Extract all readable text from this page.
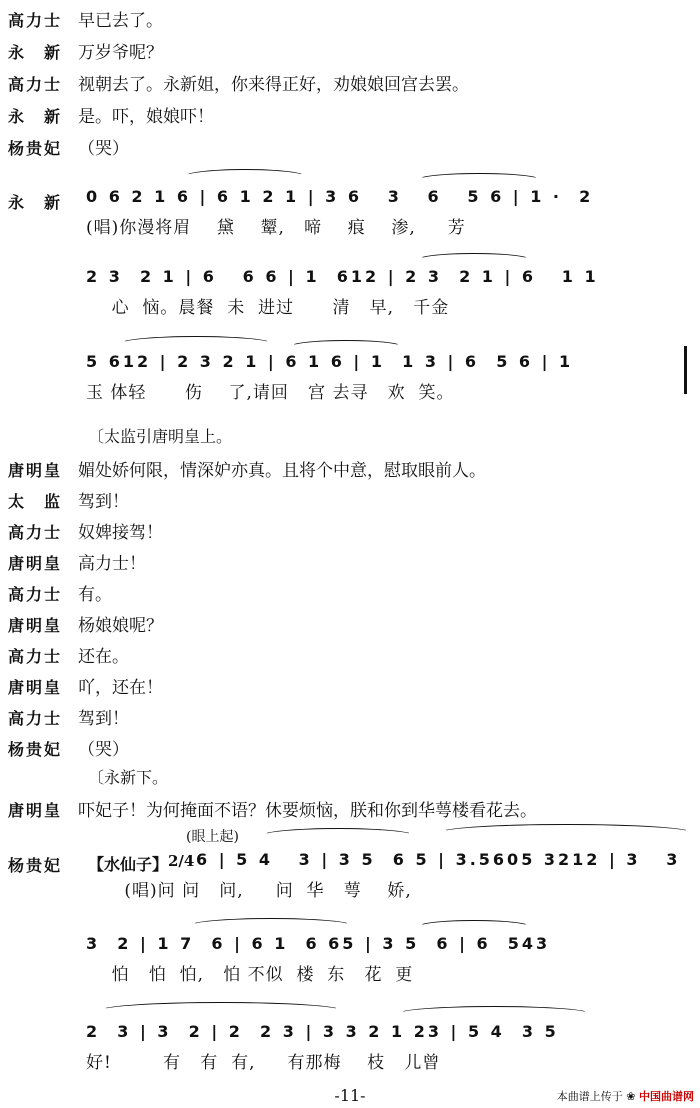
高力士 早已去了。
永　新 万岁爷呢？
高力士 视朝去了。永新姐，你来得正好，劝娘娘回宫去罢。
永　新 是。吓，娘娘吓！
杨贵妃 （哭）
永　新 0 6 2 1 6 | 6 1 2 1 | 3 6   3   6   5 6 | 1 ·  2
(唱)你漫将眉    黛    颦,   啼    痕    渗,     芳
2 3  2 1 | 6   6 6 | 1  612 | 2 3  2 1 | 6   1 1
心  恼。晨餐  未  进过      清   早,   千金
5 612 | 2 3 2 1 | 6 1 6 | 1  1 3 | 6  5 6 | 1
玉 体轻      伤    了,请回   宫 去寻   欢  笑。
〔太监引唐明皇上。
唐明皇 媚处娇何限，情深妒亦真。且将个中意，慰取眼前人。
太　监 驾到！
高力士 奴婢接驾！
唐明皇 高力士！
高力士 有。
唐明皇 杨娘娘呢？
高力士 还在。
唐明皇 吖，还在！
高力士 驾到！
杨贵妃 （哭）
〔永新下。
唐明皇 吓妃子！为何掩面不语？休要烦恼，朕和你到华萼楼看花去。
杨贵妃
(眼上起)
【水仙子】 2/4 6 | 5 4   3 | 3 5  6 5 | 3.5605 3212 | 3   3
(唱)问 问   问,     问  华   萼    娇,
3  2 | 1 7  6 | 6 1  6 65 | 3 5  6 | 6  543
怕   怕  怕,   怕 不似  楼  东   花  更
2  3 | 3  2 | 2  2 3 | 3 3 2 1 23 | 5 4  3 5
好!        有   有  有,     有那梅    枝   儿曾
-11-	本曲谱上传于 ❀ 中国曲谱网
